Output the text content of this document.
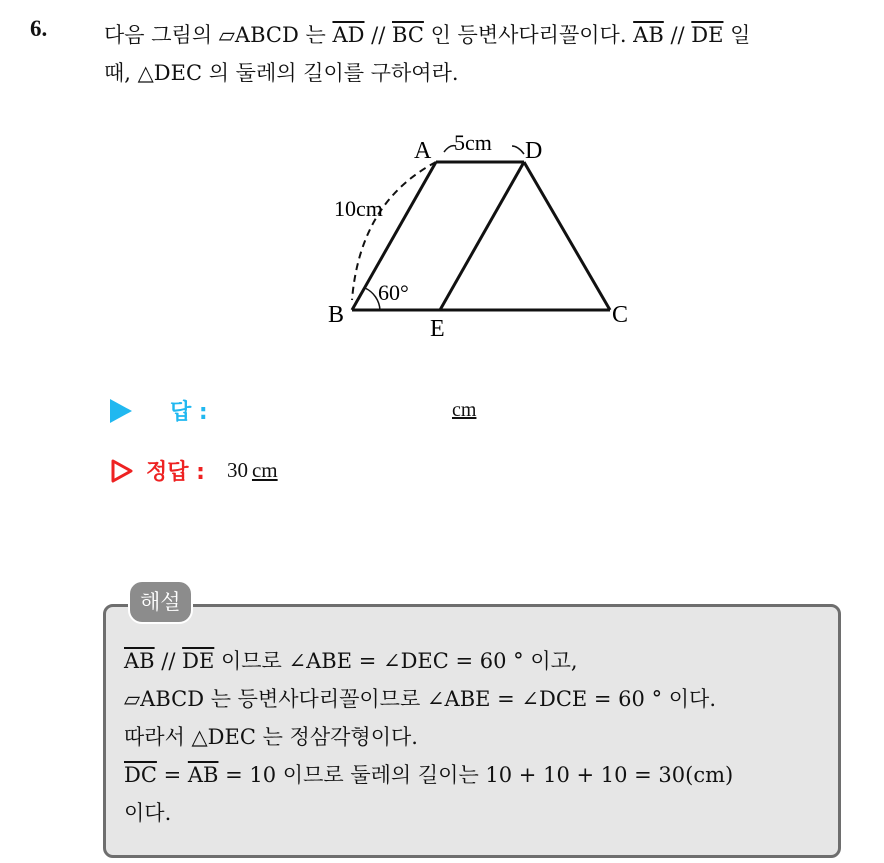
6.	다음 그림의 ▱ABCD 는 $\overline{AD} // \overline{BC}$ 인 등변사다리꼴이다. $\overline{AB} // \overline{DE}$ 일
때, △DEC 의 둘레의 길이를 구하여라.
A	D
B
E
C
5cm
10cm
60°
답 :	cm
정답 : 30 cm
해설
$\overline{AB} // \overline{DE}$ 이므로 ∠ABE = ∠DEC = 60 ° 이고,
▱ABCD 는 등변사다리꼴이므로 ∠ABE = ∠DCE = 60 ° 이다.
따라서 △DEC 는 정삼각형이다.
$\overline{DC} = \overline{AB} = 10$ 이므로 둘레의 길이는 10 + 10 + 10 = 30(cm)
이다.
